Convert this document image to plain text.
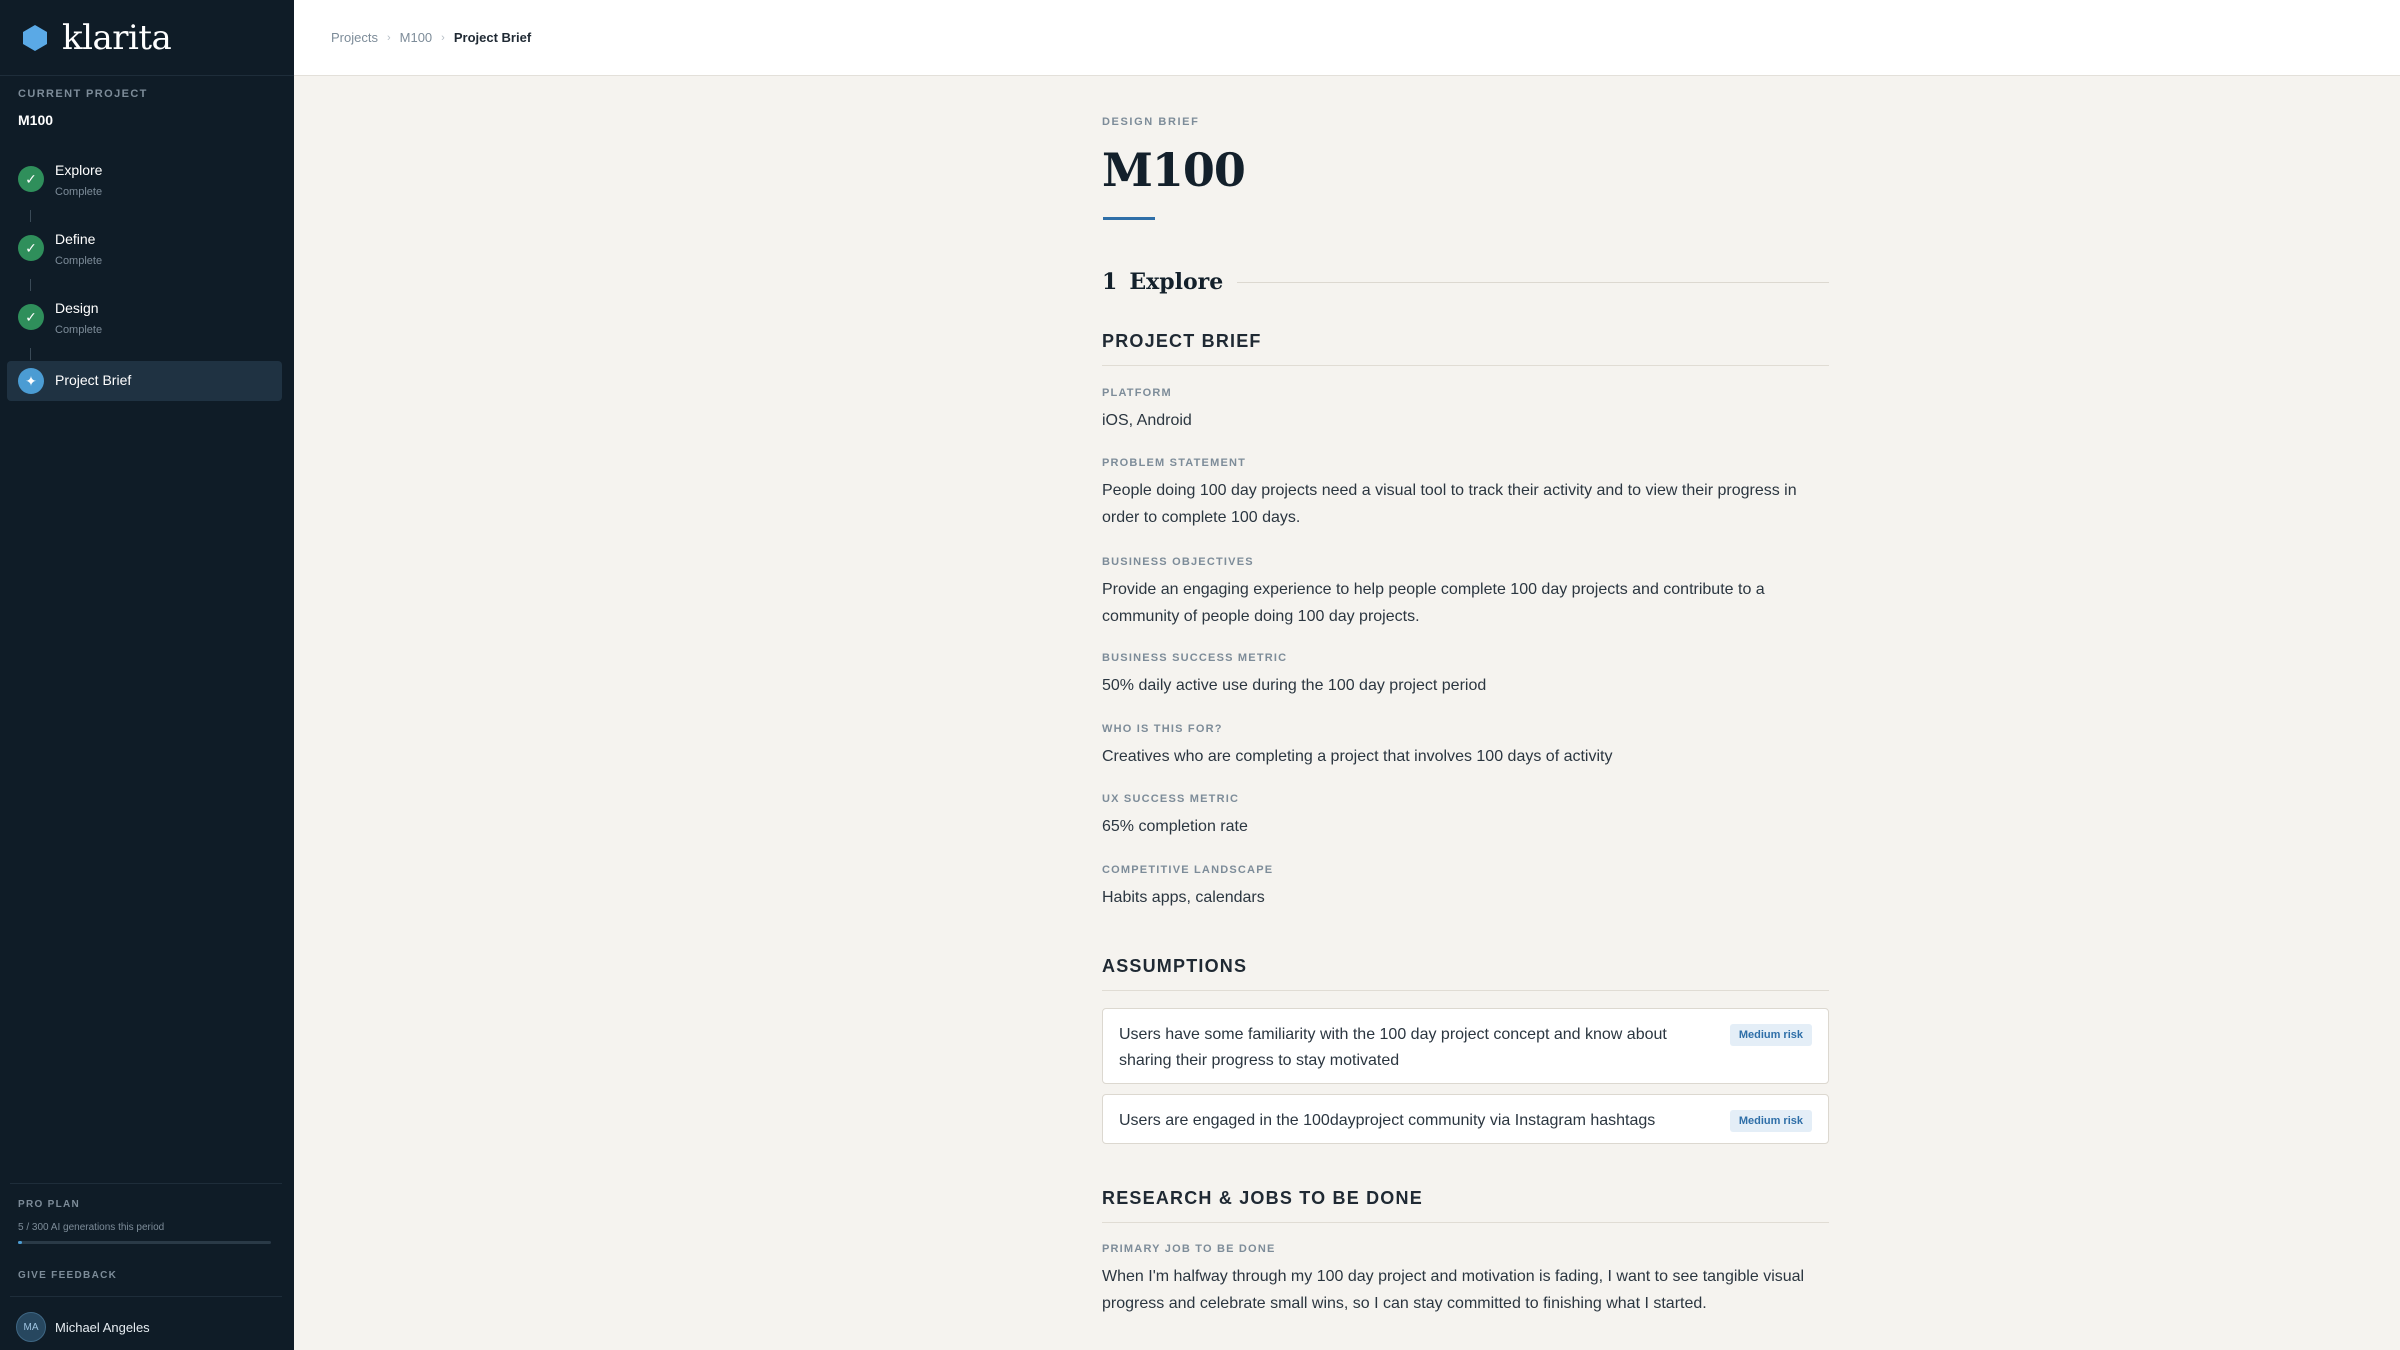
klarita
CURRENT PROJECT
M100
✓
Explore
Complete
✓
Define
Complete
✓
Design
Complete
✦	Project Brief
PRO PLAN
5 / 300 AI generations this period
GIVE FEEDBACK
MA	Michael Angeles
Projects › M100 › Project Brief
DESIGN BRIEF
M100
1 Explore
PROJECT BRIEF
PLATFORM
iOS, Android
PROBLEM STATEMENT
People doing 100 day projects need a visual tool to track their activity and to view their progress in order to complete 100 days.
BUSINESS OBJECTIVES
Provide an engaging experience to help people complete 100 day projects and contribute to a community of people doing 100 day projects.
BUSINESS SUCCESS METRIC
50% daily active use during the 100 day project period
WHO IS THIS FOR?
Creatives who are completing a project that involves 100 days of activity
UX SUCCESS METRIC
65% completion rate
COMPETITIVE LANDSCAPE
Habits apps, calendars
ASSUMPTIONS
Users have some familiarity with the 100 day project concept and know about sharing their progress to stay motivated
Medium risk
Users are engaged in the 100dayproject community via Instagram hashtags	Medium risk
RESEARCH & JOBS TO BE DONE
PRIMARY JOB TO BE DONE
When I'm halfway through my 100 day project and motivation is fading, I want to see tangible visual progress and celebrate small wins, so I can stay committed to finishing what I started.
